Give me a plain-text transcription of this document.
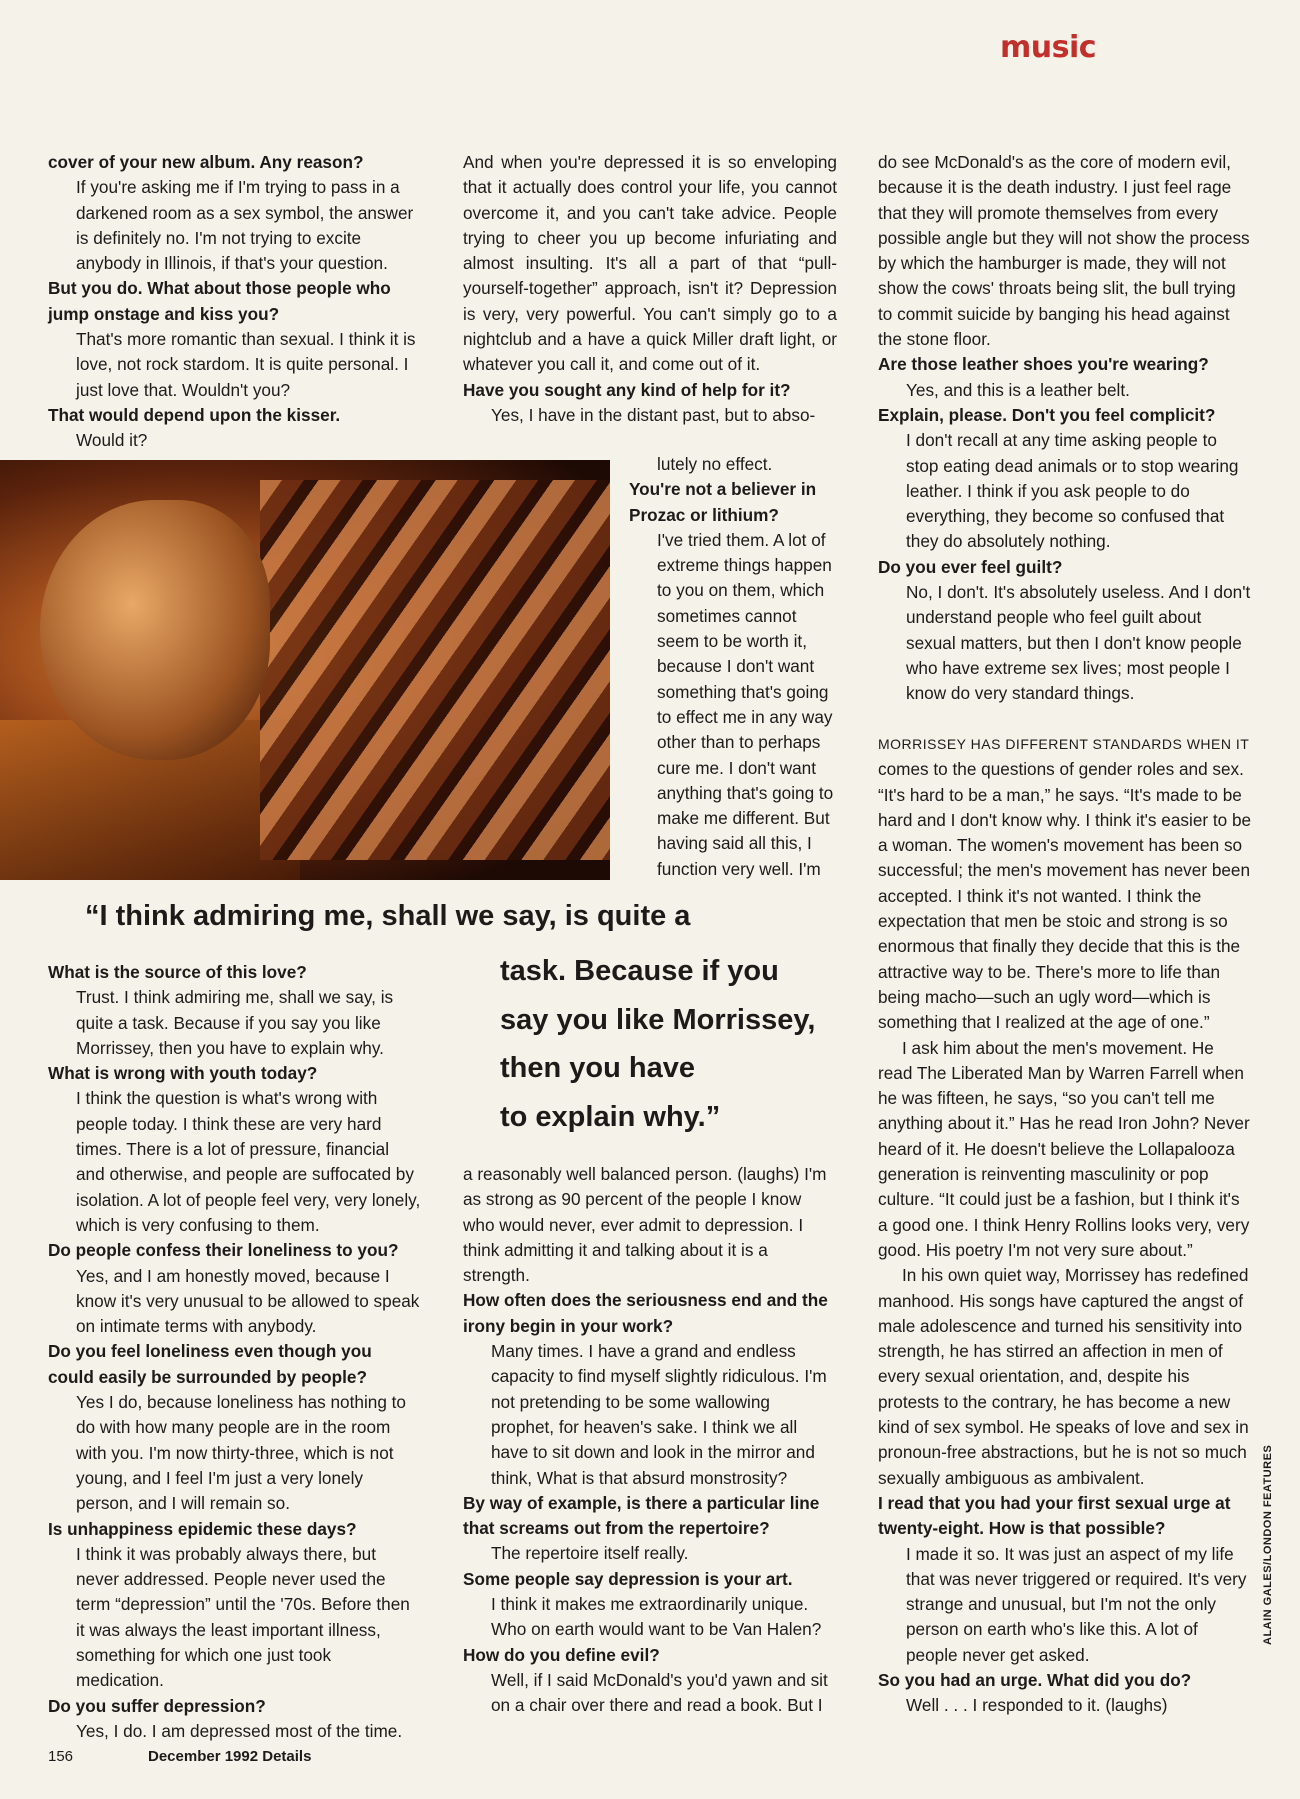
music

cover of your new album. Any reason?

If you're asking me if I'm trying to pass in a darkened room as a sex symbol, the answer is definitely no. I'm not trying to excite anybody in Illinois, if that's your question.

But you do. What about those people who jump onstage and kiss you?

That's more romantic than sexual. I think it is love, not rock stardom. It is quite personal. I just love that. Wouldn't you?

That would depend upon the kisser.

Would it?

And when you're depressed it is so enveloping that it actually does control your life, you cannot overcome it, and you can't take advice. People trying to cheer you up become infuriating and almost insulting. It's all a part of that “pull-yourself-together” approach, isn't it? Depression is very, very powerful. You can't simply go to a nightclub and a have a quick Miller draft light, or whatever you call it, and come out of it.

Have you sought any kind of help for it?

Yes, I have in the distant past, but to abso-

lutely no effect.

You're not a believer in Prozac or lithium?

I've tried them. A lot of extreme things happen to you on them, which sometimes cannot seem to be worth it, because I don't want something that's going to effect me in any way other than to perhaps cure me. I don't want anything that's going to make me different. But having said all this, I function very well. I'm

do see McDonald's as the core of modern evil, because it is the death industry. I just feel rage that they will promote themselves from every possible angle but they will not show the process by which the hamburger is made, they will not show the cows' throats being slit, the bull trying to commit suicide by banging his head against the stone floor.

Are those leather shoes you're wearing?

Yes, and this is a leather belt.

Explain, please. Don't you feel complicit?

I don't recall at any time asking people to stop eating dead animals or to stop wearing leather. I think if you ask people to do everything, they become so confused that they do absolutely nothing.

Do you ever feel guilt?

No, I don't. It's absolutely useless. And I don't understand people who feel guilt about sexual matters, but then I don't know people who have extreme sex lives; most people I know do very standard things.

MORRISSEY HAS DIFFERENT STANDARDS WHEN IT

comes to the questions of gender roles and sex. “It's hard to be a man,” he says. “It's made to be hard and I don't know why. I think it's easier to be a woman. The women's movement has been so successful; the men's movement has never been accepted. I think it's not wanted. I think the expectation that men be stoic and strong is so enormous that finally they decide that this is the attractive way to be. There's more to life than being macho—such an ugly word—which is something that I realized at the age of one.”

I ask him about the men's movement. He read The Liberated Man by Warren Farrell when he was fifteen, he says, “so you can't tell me anything about it.” Has he read Iron John? Never heard of it. He doesn't believe the Lollapalooza generation is reinventing masculinity or pop culture. “It could just be a fashion, but I think it's a good one. I think Henry Rollins looks very, very good. His poetry I'm not very sure about.”

In his own quiet way, Morrissey has redefined manhood. His songs have captured the angst of male adolescence and turned his sensitivity into strength, he has stirred an affection in men of every sexual orientation, and, despite his protests to the contrary, he has become a new kind of sex symbol. He speaks of love and sex in pronoun-free abstractions, but he is not so much sexually ambiguous as ambivalent.

I read that you had your first sexual urge at twenty-eight. How is that possible?

I made it so. It was just an aspect of my life that was never triggered or required. It's very strange and unusual, but I'm not the only person on earth who's like this. A lot of people never get asked.

So you had an urge. What did you do?

Well . . . I responded to it. (laughs)

“I think admiring me, shall we say, is quite a

task. Because if you

say you like Morrissey,

then you have

to explain why.”

What is the source of this love?

Trust. I think admiring me, shall we say, is quite a task. Because if you say you like Morrissey, then you have to explain why.

What is wrong with youth today?

I think the question is what's wrong with people today. I think these are very hard times. There is a lot of pressure, financial and otherwise, and people are suffocated by isolation. A lot of people feel very, very lonely, which is very confusing to them.

Do people confess their loneliness to you?

Yes, and I am honestly moved, because I know it's very unusual to be allowed to speak on intimate terms with anybody.

Do you feel loneliness even though you could easily be surrounded by people?

Yes I do, because loneliness has nothing to do with how many people are in the room with you. I'm now thirty-three, which is not young, and I feel I'm just a very lonely person, and I will remain so.

Is unhappiness epidemic these days?

I think it was probably always there, but never addressed. People never used the term “depression” until the '70s. Before then it was always the least important illness, something for which one just took medication.

Do you suffer depression?

Yes, I do. I am depressed most of the time.

a reasonably well balanced person. (laughs) I'm as strong as 90 percent of the people I know who would never, ever admit to depression. I think admitting it and talking about it is a strength.

How often does the seriousness end and the irony begin in your work?

Many times. I have a grand and endless capacity to find myself slightly ridiculous. I'm not pretending to be some wallowing prophet, for heaven's sake. I think we all have to sit down and look in the mirror and think, What is that absurd monstrosity?

By way of example, is there a particular line that screams out from the repertoire?

The repertoire itself really.

Some people say depression is your art.

I think it makes me extraordinarily unique. Who on earth would want to be Van Halen?

How do you define evil?

Well, if I said McDonald's you'd yawn and sit on a chair over there and read a book. But I

156	December 1992 Details
ALAIN GALES/LONDON FEATURES
